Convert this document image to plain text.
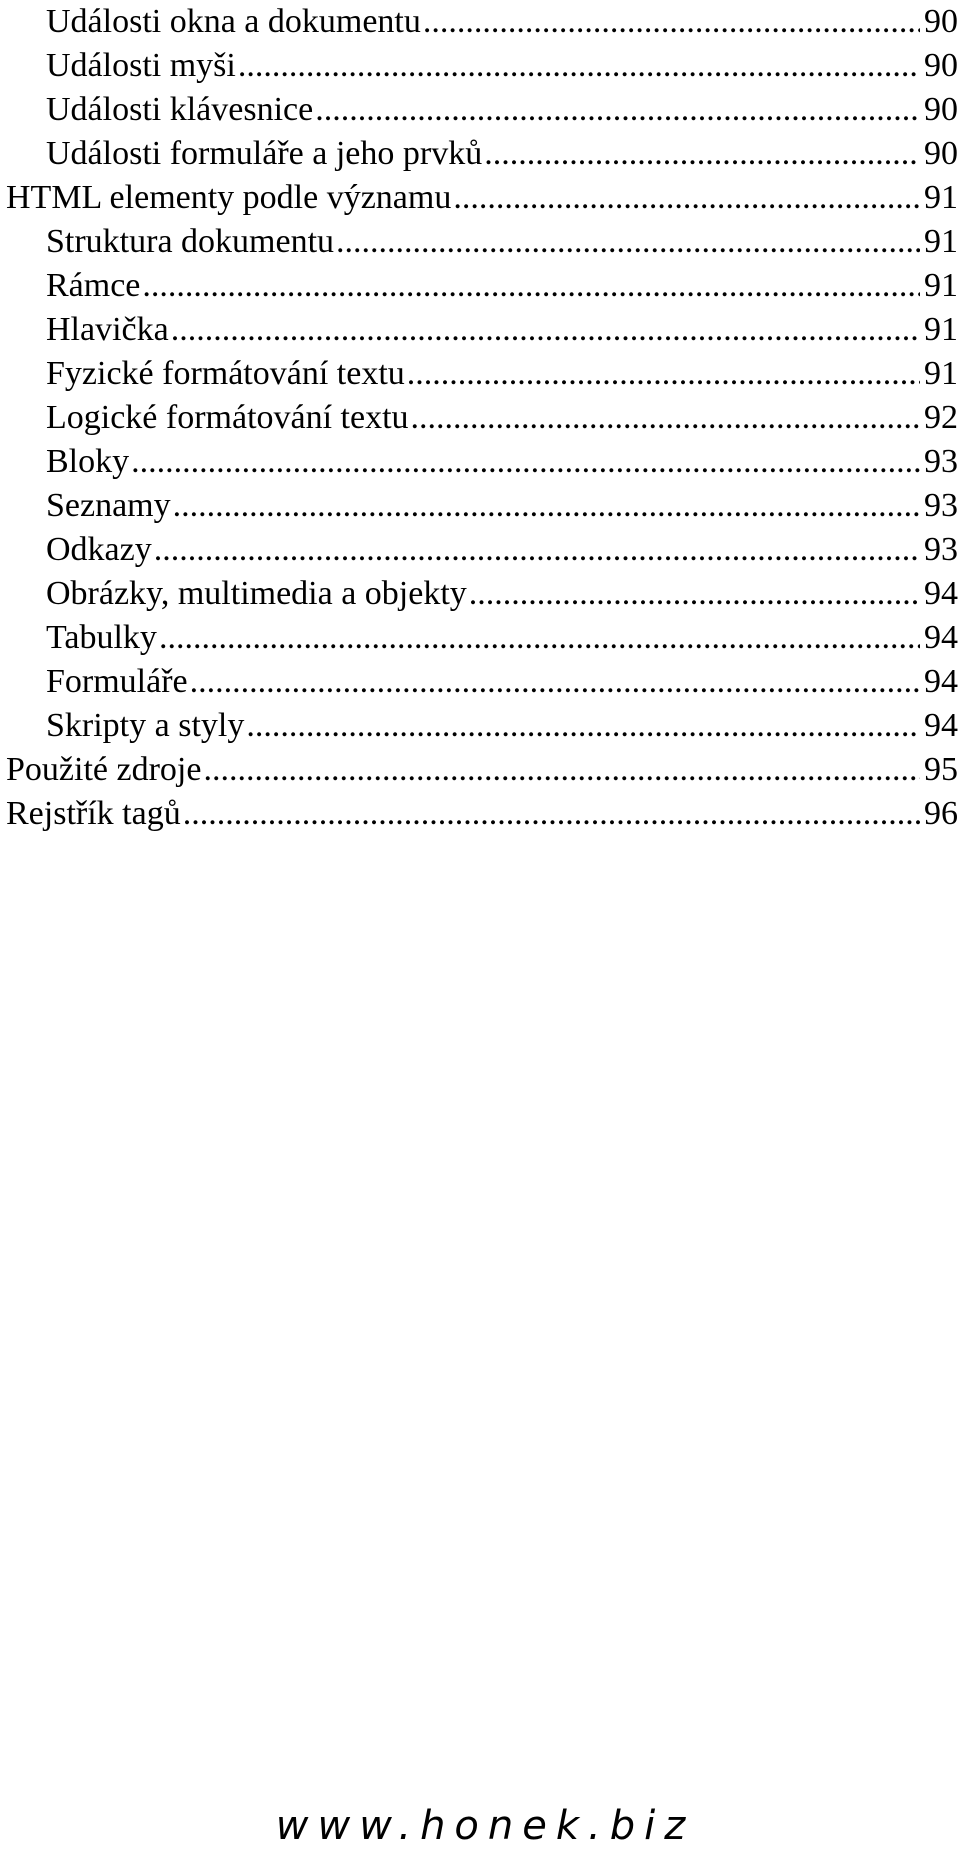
Události okna a dokumentu .....	90
Události myši .....	90
Události klávesnice .....	90
Události formuláře a jeho prvků .....	90
HTML elementy podle významu .....	91
Struktura dokumentu .....	91
Rámce .....	91
Hlavička .....	91
Fyzické formátování textu .....	91
Logické formátování textu .....	92
Bloky .....	93
Seznamy .....	93
Odkazy .....	93
Obrázky, multimedia a objekty .....	94
Tabulky .....	94
Formuláře .....	94
Skripty a styly .....	94
Použité zdroje .....	95
Rejstřík tagů .....	96
www.honek.biz
